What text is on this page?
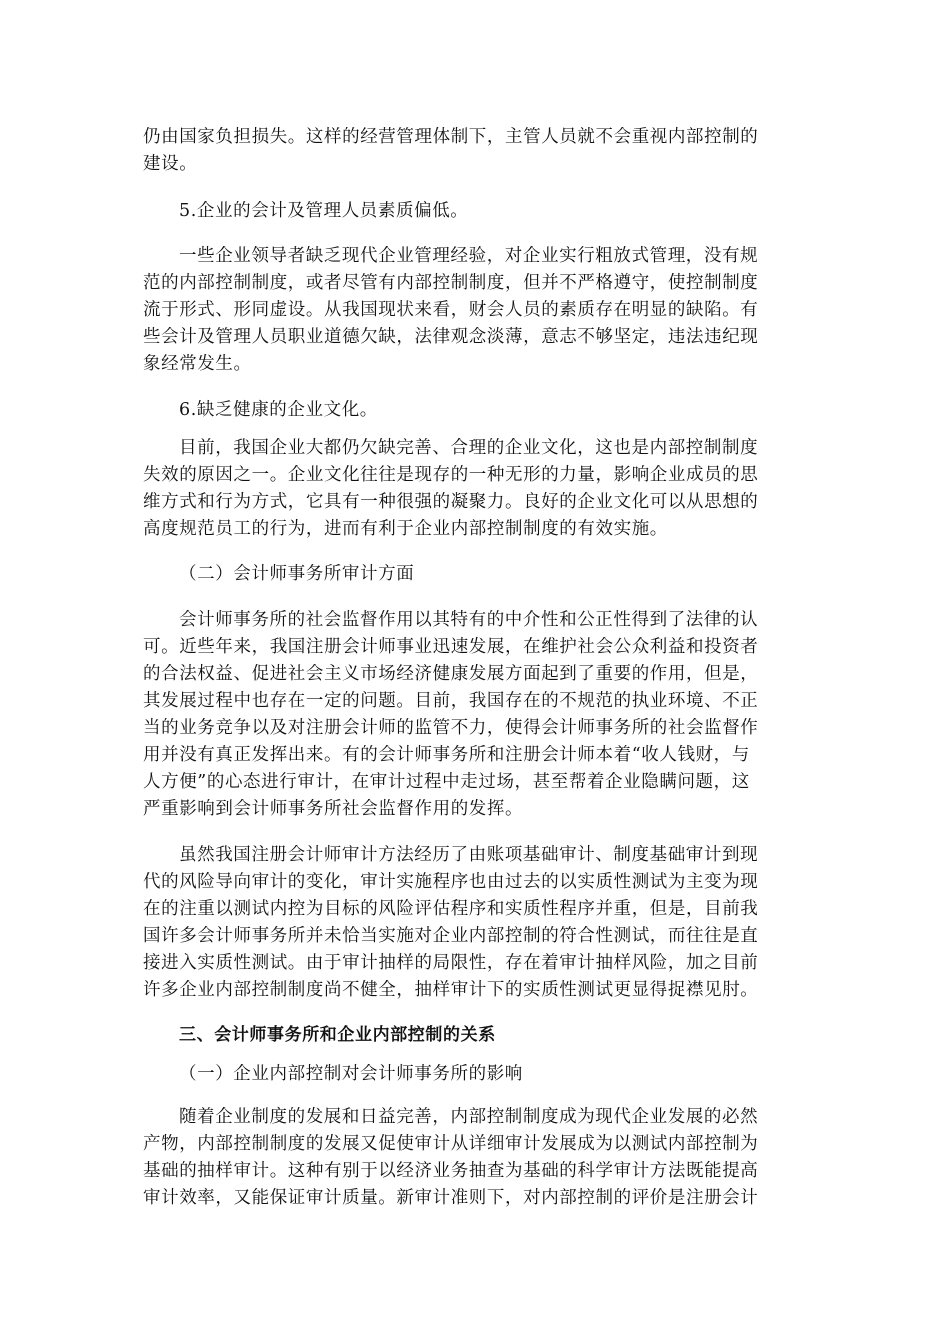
仍由国家负担损失。这样的经营管理体制下，主管人员就不会重视内部控制的
建设。
5.企业的会计及管理人员素质偏低。
一些企业领导者缺乏现代企业管理经验，对企业实行粗放式管理，没有规
范的内部控制制度，或者尽管有内部控制制度，但并不严格遵守，使控制制度
流于形式、形同虚设。从我国现状来看，财会人员的素质存在明显的缺陷。有
些会计及管理人员职业道德欠缺，法律观念淡薄，意志不够坚定，违法违纪现
象经常发生。
6.缺乏健康的企业文化。
目前，我国企业大都仍欠缺完善、合理的企业文化，这也是内部控制制度
失效的原因之一。企业文化往往是现存的一种无形的力量，影响企业成员的思
维方式和行为方式，它具有一种很强的凝聚力。良好的企业文化可以从思想的
高度规范员工的行为，进而有利于企业内部控制制度的有效实施。
（二）会计师事务所审计方面
会计师事务所的社会监督作用以其特有的中介性和公正性得到了法律的认
可。近些年来，我国注册会计师事业迅速发展，在维护社会公众利益和投资者
的合法权益、促进社会主义市场经济健康发展方面起到了重要的作用，但是，
其发展过程中也存在一定的问题。目前，我国存在的不规范的执业环境、不正
当的业务竞争以及对注册会计师的监管不力，使得会计师事务所的社会监督作
用并没有真正发挥出来。有的会计师事务所和注册会计师本着“收人钱财，与
人方便”的心态进行审计，在审计过程中走过场，甚至帮着企业隐瞒问题，这
严重影响到会计师事务所社会监督作用的发挥。
虽然我国注册会计师审计方法经历了由账项基础审计、制度基础审计到现
代的风险导向审计的变化，审计实施程序也由过去的以实质性测试为主变为现
在的注重以测试内控为目标的风险评估程序和实质性程序并重，但是，目前我
国许多会计师事务所并未恰当实施对企业内部控制的符合性测试，而往往是直
接进入实质性测试。由于审计抽样的局限性，存在着审计抽样风险，加之目前
许多企业内部控制制度尚不健全，抽样审计下的实质性测试更显得捉襟见肘。
三、会计师事务所和企业内部控制的关系
（一）企业内部控制对会计师事务所的影响
随着企业制度的发展和日益完善，内部控制制度成为现代企业发展的必然
产物，内部控制制度的发展又促使审计从详细审计发展成为以测试内部控制为
基础的抽样审计。这种有别于以经济业务抽查为基础的科学审计方法既能提高
审计效率，又能保证审计质量。新审计准则下，对内部控制的评价是注册会计
